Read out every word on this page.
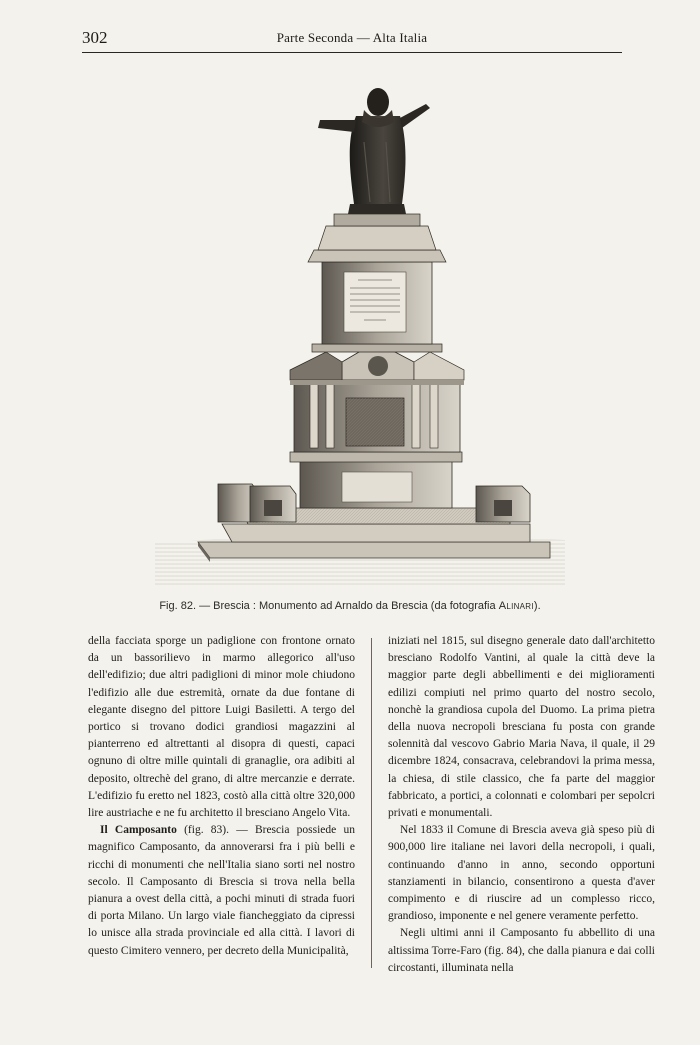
302	Parte Seconda — Alta Italia
Fig. 82. — Brescia : Monumento ad Arnaldo da Brescia (da fotografia Alinari).

della facciata sporge un padiglione con frontone ornato da un bassorilievo in marmo allegorico all'uso dell'edifizio; due altri padiglioni di minor mole chiudono l'edifizio alle due estremità, ornate da due fontane di elegante disegno del pittore Luigi Basiletti. A tergo del portico si trovano dodici grandiosi magazzini al pianterreno ed altrettanti al disopra di questi, capaci ognuno di oltre mille quintali di granaglie, ora adibiti al deposito, oltrechè del grano, di altre mercanzie e derrate. L'edifizio fu eretto nel 1823, costò alla città oltre 320,000 lire austriache e ne fu architetto il bresciano Angelo Vita.

Il Camposanto (fig. 83). — Brescia possiede un magnifico Camposanto, da annoverarsi fra i più belli e ricchi di monumenti che nell'Italia siano sorti nel nostro secolo. Il Camposanto di Brescia si trova nella bella pianura a ovest della città, a pochi minuti di strada fuori di porta Milano. Un largo viale fiancheggiato da cipressi lo unisce alla strada provinciale ed alla città. I lavori di questo Cimitero vennero, per decreto della Municipalità,

iniziati nel 1815, sul disegno generale dato dall'architetto bresciano Rodolfo Vantini, al quale la città deve la maggior parte degli abbellimenti e dei miglioramenti edilizi compiuti nel primo quarto del nostro secolo, nonchè la grandiosa cupola del Duomo. La prima pietra della nuova necropoli bresciana fu posta con grande solennità dal vescovo Gabrio Maria Nava, il quale, il 29 dicembre 1824, consacrava, celebrandovi la prima messa, la chiesa, di stile classico, che fa parte del maggior fabbricato, a portici, a colonnati e colombari per sepolcri privati e monumentali.

Nel 1833 il Comune di Brescia aveva già speso più di 900,000 lire italiane nei lavori della necropoli, i quali, continuando d'anno in anno, secondo opportuni stanziamenti in bilancio, consentirono a questa d'aver compimento e di riuscire ad un complesso ricco, grandioso, imponente e nel genere veramente perfetto.

Negli ultimi anni il Camposanto fu abbellito di una altissima Torre-Faro (fig. 84), che dalla pianura e dai colli circostanti, illuminata nella
